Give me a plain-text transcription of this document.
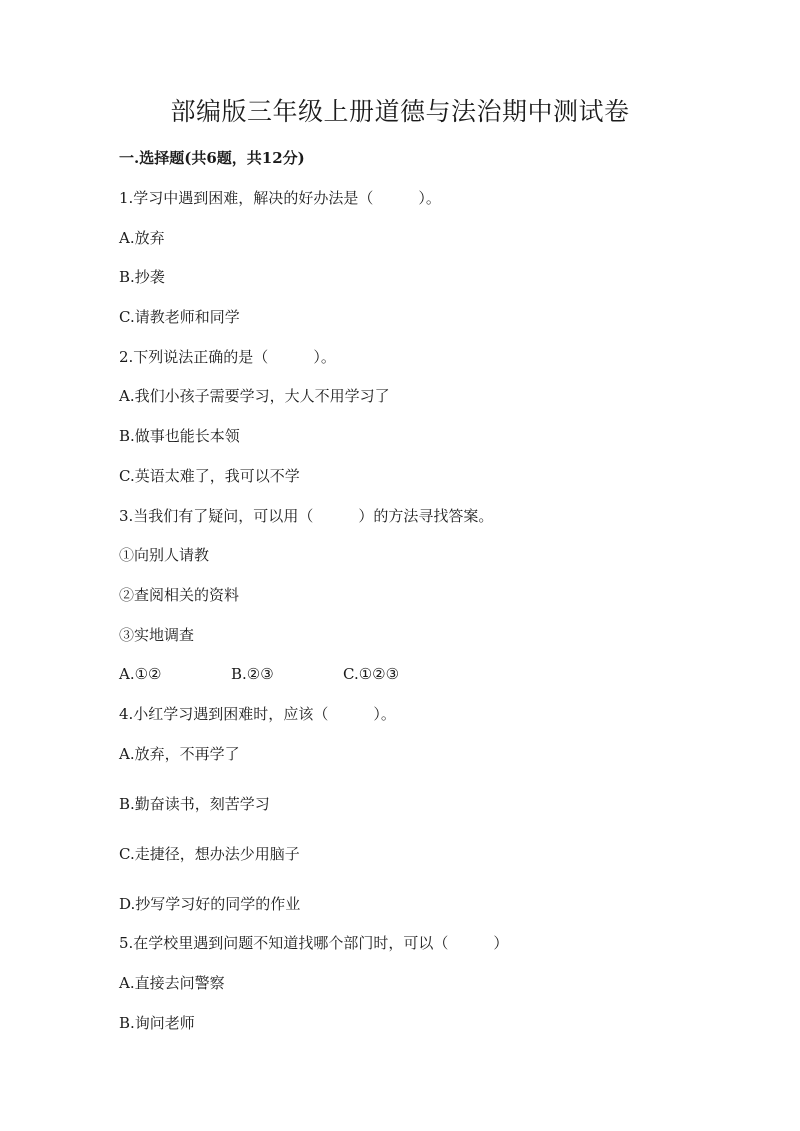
部编版三年级上册道德与法治期中测试卷
一.选择题(共6题，共12分)
1.学习中遇到困难，解决的好办法是（　　　）。
A.放弃
B.抄袭
C.请教老师和同学
2.下列说法正确的是（　　　）。
A.我们小孩子需要学习，大人不用学习了
B.做事也能长本领
C.英语太难了，我可以不学
3.当我们有了疑问，可以用（　　　）的方法寻找答案。
①向别人请教
②查阅相关的资料
③实地调查
A.①②	B.②③	C.①②③
4.小红学习遇到困难时，应该（　　　）。
A.放弃，不再学了
B.勤奋读书，刻苦学习
C.走捷径，想办法少用脑子
D.抄写学习好的同学的作业
5.在学校里遇到问题不知道找哪个部门时，可以（　　　）
A.直接去问警察
B.询问老师
